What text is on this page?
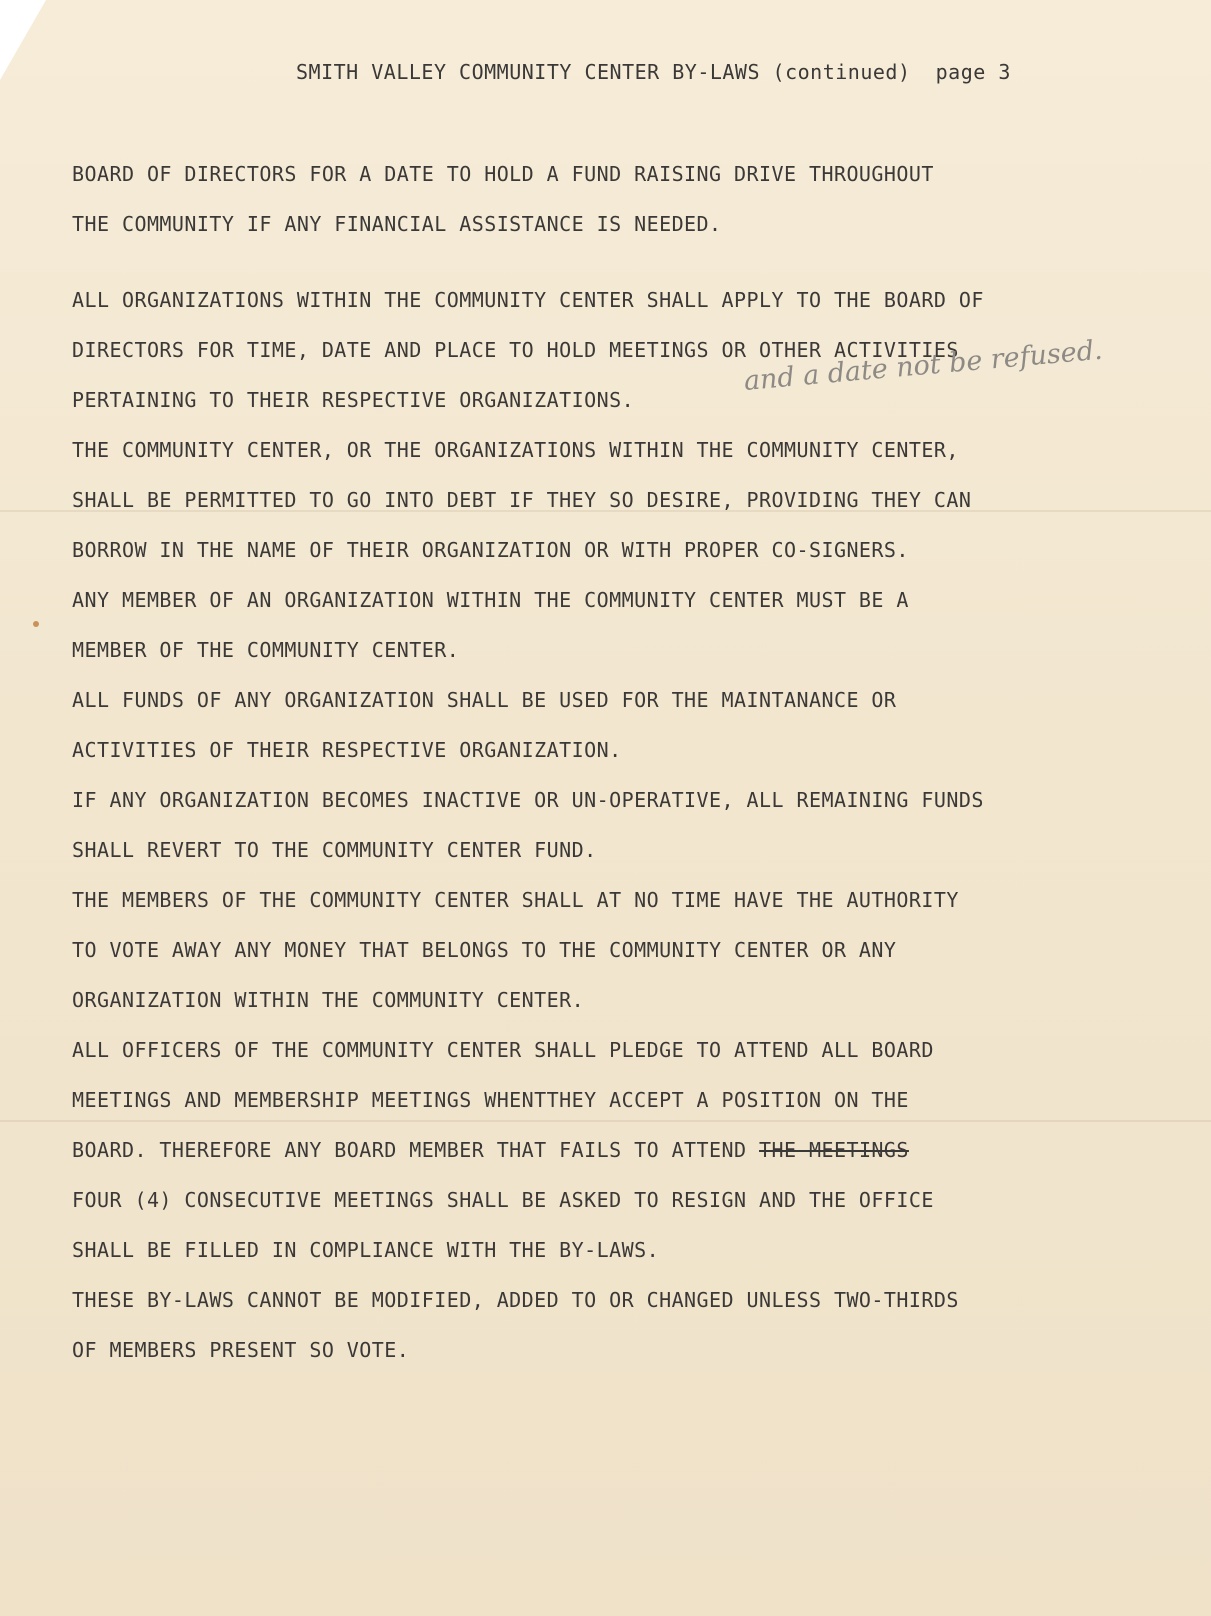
SMITH VALLEY COMMUNITY CENTER BY-LAWS (continued) page 3
BOARD OF DIRECTORS FOR A DATE TO HOLD A FUND RAISING DRIVE THROUGHOUT
THE COMMUNITY IF ANY FINANCIAL ASSISTANCE IS NEEDED.
ALL ORGANIZATIONS WITHIN THE COMMUNITY CENTER SHALL APPLY TO THE BOARD OF
DIRECTORS FOR TIME, DATE AND PLACE TO HOLD MEETINGS OR OTHER ACTIVITIES
PERTAINING TO THEIR RESPECTIVE ORGANIZATIONS.
THE COMMUNITY CENTER, OR THE ORGANIZATIONS WITHIN THE COMMUNITY CENTER,
SHALL BE PERMITTED TO GO INTO DEBT IF THEY SO DESIRE, PROVIDING THEY CAN
BORROW IN THE NAME OF THEIR ORGANIZATION OR WITH PROPER CO-SIGNERS.
ANY MEMBER OF AN ORGANIZATION WITHIN THE COMMUNITY CENTER MUST BE A
MEMBER OF THE COMMUNITY CENTER.
ALL FUNDS OF ANY ORGANIZATION SHALL BE USED FOR THE MAINTANANCE OR
ACTIVITIES OF THEIR RESPECTIVE ORGANIZATION.
IF ANY ORGANIZATION BECOMES INACTIVE OR UN-OPERATIVE, ALL REMAINING FUNDS
SHALL REVERT TO THE COMMUNITY CENTER FUND.
THE MEMBERS OF THE COMMUNITY CENTER SHALL AT NO TIME HAVE THE AUTHORITY
TO VOTE AWAY ANY MONEY THAT BELONGS TO THE COMMUNITY CENTER OR ANY
ORGANIZATION WITHIN THE COMMUNITY CENTER.
ALL OFFICERS OF THE COMMUNITY CENTER SHALL PLEDGE TO ATTEND ALL BOARD
MEETINGS AND MEMBERSHIP MEETINGS WHENTTHEY ACCEPT A POSITION ON THE
BOARD. THEREFORE ANY BOARD MEMBER THAT FAILS TO ATTEND THE-MEETINGS
FOUR (4) CONSECUTIVE MEETINGS SHALL BE ASKED TO RESIGN AND THE OFFICE
SHALL BE FILLED IN COMPLIANCE WITH THE BY-LAWS.
THESE BY-LAWS CANNOT BE MODIFIED, ADDED TO OR CHANGED UNLESS TWO-THIRDS
OF MEMBERS PRESENT SO VOTE.
and a date not be refused.
